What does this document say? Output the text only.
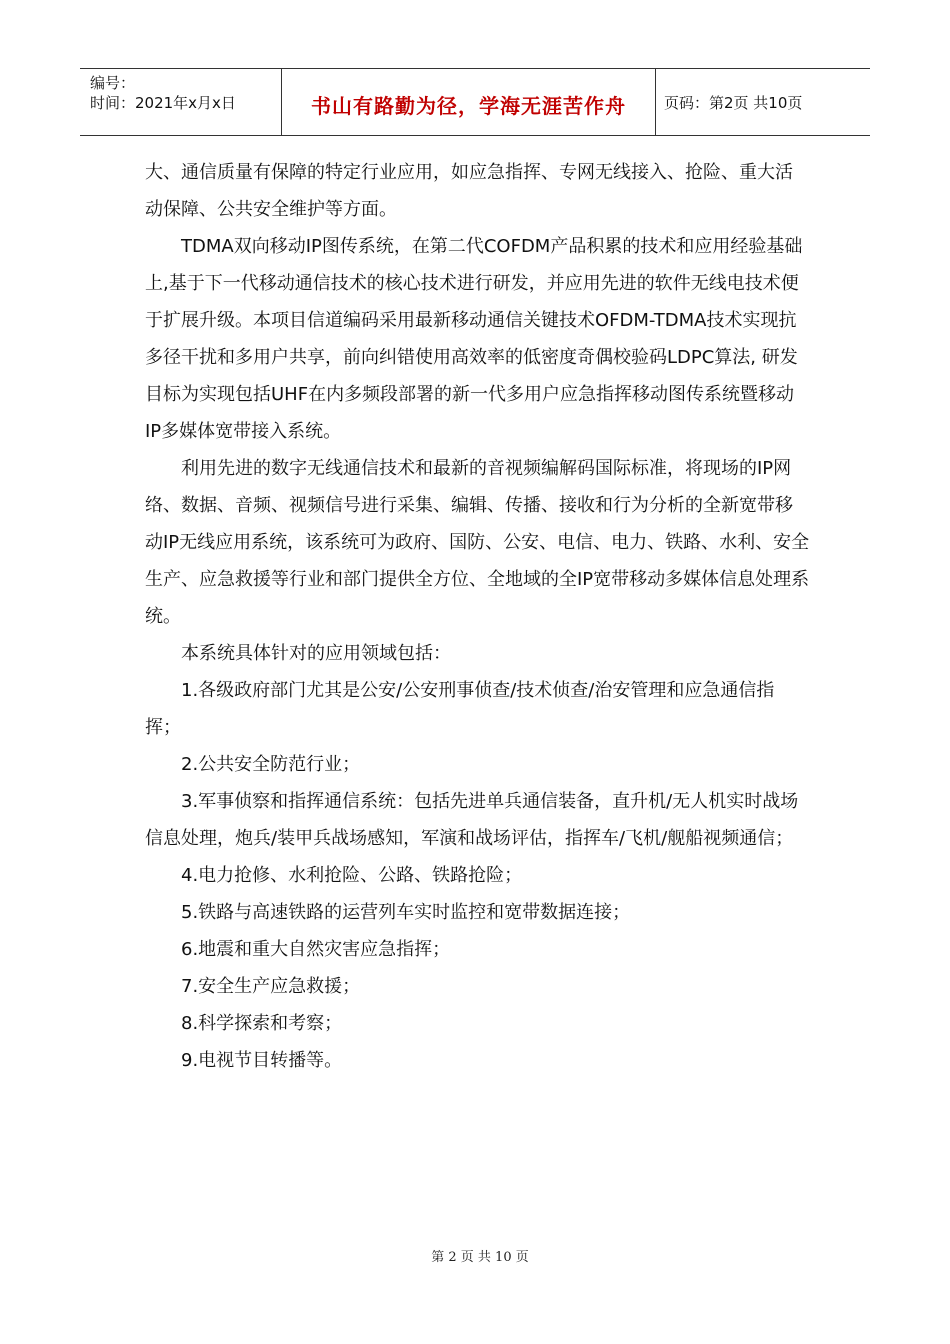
编号：
时间：2021年x月x日	书山有路勤为径，学海无涯苦作舟	页码：第2页 共10页

大、通信质量有保障的特定行业应用，如应急指挥、专网无线接入、抢险、重大活动保障、公共安全维护等方面。

TDMA双向移动IP图传系统，在第二代COFDM产品积累的技术和应用经验基础上,基于下一代移动通信技术的核心技术进行研发，并应用先进的软件无线电技术便于扩展升级。本项目信道编码采用最新移动通信关键技术OFDM-TDMA技术实现抗多径干扰和多用户共享，前向纠错使用高效率的低密度奇偶校验码LDPC算法, 研发目标为实现包括UHF在内多频段部署的新一代多用户应急指挥移动图传系统暨移动IP多媒体宽带接入系统。

利用先进的数字无线通信技术和最新的音视频编解码国际标准，将现场的IP网络、数据、音频、视频信号进行采集、编辑、传播、接收和行为分析的全新宽带移动IP无线应用系统，该系统可为政府、国防、公安、电信、电力、铁路、水利、安全生产、应急救援等行业和部门提供全方位、全地域的全IP宽带移动多媒体信息处理系统。

本系统具体针对的应用领域包括：

1.各级政府部门尤其是公安/公安刑事侦查/技术侦查/治安管理和应急通信指挥；

2.公共安全防范行业；

3.军事侦察和指挥通信系统：包括先进单兵通信装备，直升机/无人机实时战场信息处理，炮兵/装甲兵战场感知，军演和战场评估，指挥车/飞机/舰船视频通信；

4.电力抢修、水利抢险、公路、铁路抢险；

5.铁路与高速铁路的运营列车实时监控和宽带数据连接；

6.地震和重大自然灾害应急指挥；

7.安全生产应急救援；

8.科学探索和考察；

9.电视节目转播等。

第 2 页 共 10 页
